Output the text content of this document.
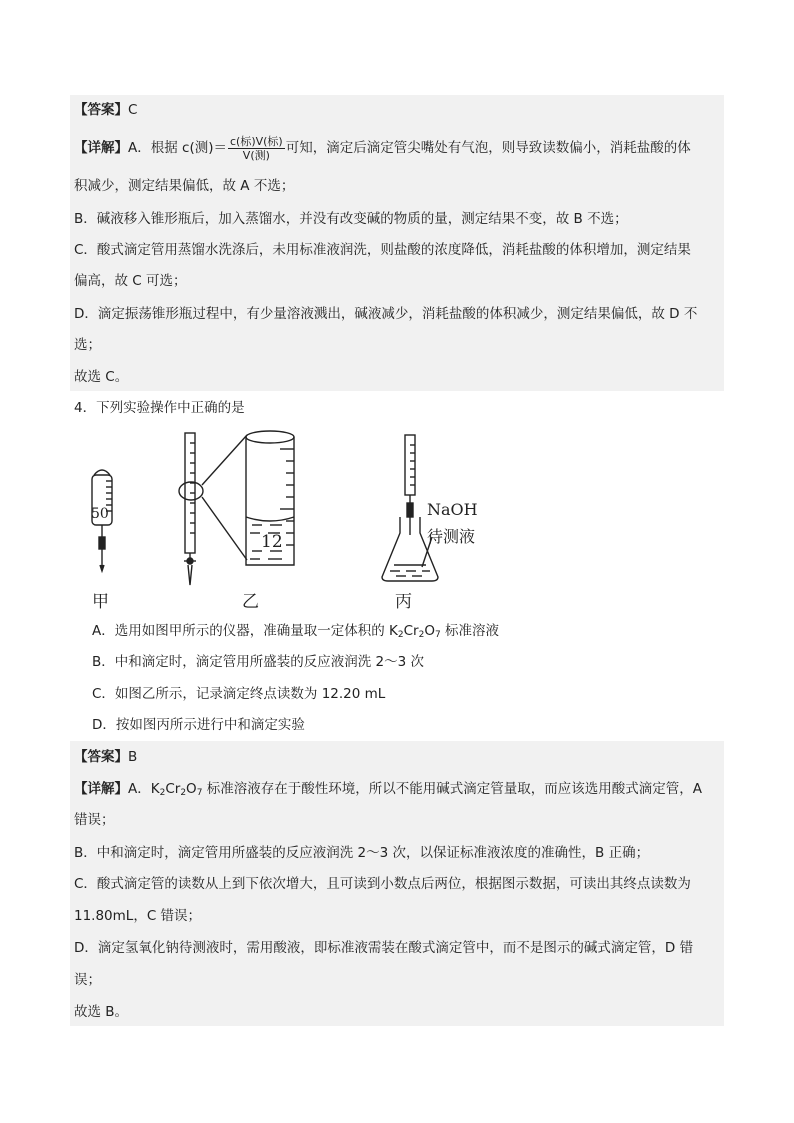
【答案】C
【详解】A．根据 c(测)＝ $\frac{\text{c(标)V(标)}}{\text{V(测)}}$ 可知，滴定后滴定管尖嘴处有气泡，则导致读数偏小，消耗盐酸的体
积减少，测定结果偏低，故 A 不选；
B．碱液移入锥形瓶后，加入蒸馏水，并没有改变碱的物质的量，测定结果不变，故 B 不选；
C．酸式滴定管用蒸馏水洗涤后，未用标准液润洗，则盐酸的浓度降低，消耗盐酸的体积增加，测定结果
偏高，故 C 可选；
D．滴定振荡锥形瓶过程中，有少量溶液溅出，碱液减少，消耗盐酸的体积减少，测定结果偏低，故 D 不
选；
故选 C。
4．下列实验操作中正确的是
50
甲
12
乙
NaOH
待测液
丙
A．选用如图甲所示的仪器，准确量取一定体积的 $K_2Cr_2O_7$ 标准溶液
B．中和滴定时，滴定管用所盛装的反应液润洗 2～3 次
C．如图乙所示，记录滴定终点读数为 12.20 mL
D．按如图丙所示进行中和滴定实验
【答案】B
【详解】A．$K_2Cr_2O_7$ 标准溶液存在于酸性环境，所以不能用碱式滴定管量取，而应该选用酸式滴定管，A
错误；
B．中和滴定时，滴定管用所盛装的反应液润洗 2～3 次，以保证标准液浓度的准确性，B 正确；
C．酸式滴定管的读数从上到下依次增大，且可读到小数点后两位，根据图示数据，可读出其终点读数为
11.80mL，C 错误；
D．滴定氢氧化钠待测液时，需用酸液，即标准液需装在酸式滴定管中，而不是图示的碱式滴定管，D 错
误；
故选 B。
